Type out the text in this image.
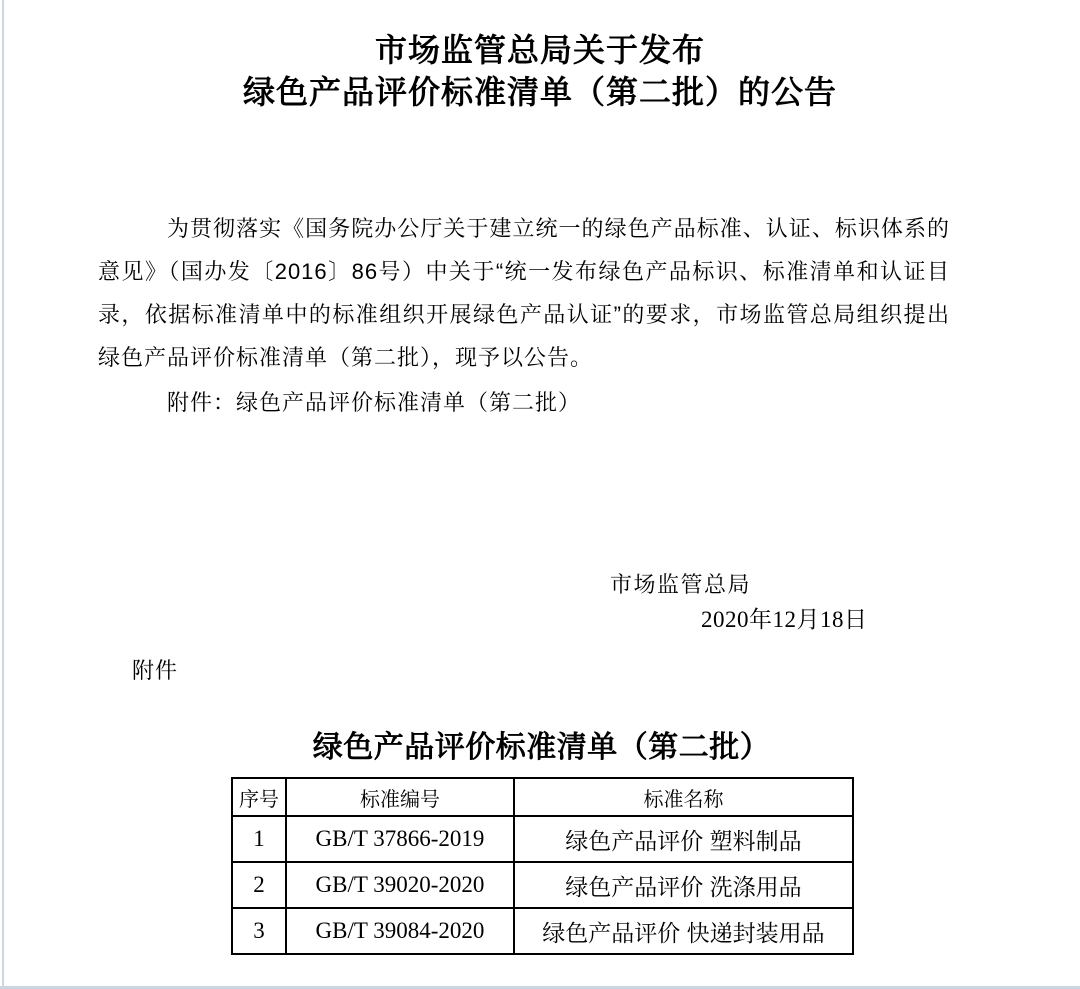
市场监管总局关于发布
绿色产品评价标准清单（第二批）的公告
为贯彻落实《国务院办公厅关于建立统一的绿色产品标准、认证、标识体系的意见》（国办发〔2016〕86号）中关于“统一发布绿色产品标识、标准清单和认证目录，依据标准清单中的标准组织开展绿色产品认证”的要求，市场监管总局组织提出绿色产品评价标准清单（第二批），现予以公告。
附件：绿色产品评价标准清单（第二批）
市场监管总局
2020年12月18日
附件
绿色产品评价标准清单（第二批）
序号	标准编号	标准名称
1	GB/T 37866-2019	绿色产品评价 塑料制品
2	GB/T 39020-2020	绿色产品评价 洗涤用品
3	GB/T 39084-2020	绿色产品评价 快递封装用品
